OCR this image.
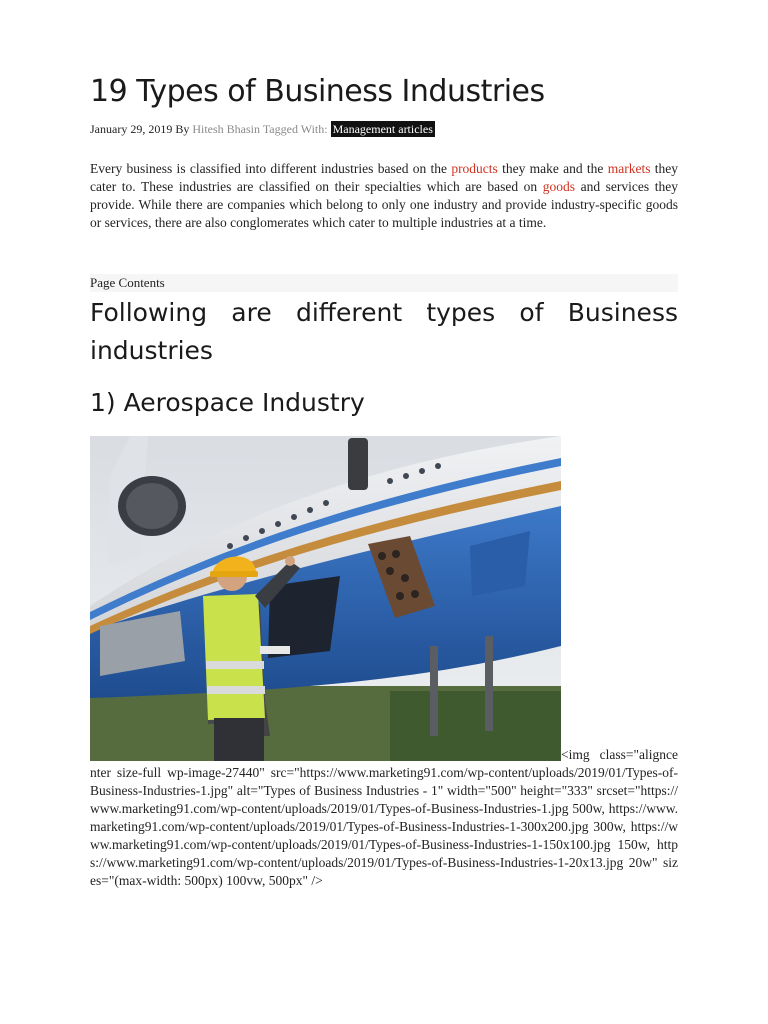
19 Types of Business Industries
January 29, 2019 By Hitesh Bhasin Tagged With: Management articles

Every business is classified into different industries based on the products they make and the markets they cater to. These industries are classified on their specialties which are based on goods and services they provide. While there are companies which belong to only one industry and provide industry-specific goods or services, there are also conglomerates which cater to multiple industries at a time.

Page Contents
Following are different types of Business industries
1) Aerospace Industry

<img class="aligncenter size-full wp-image-27440" src="https://www.marketing91.com/wp-content/uploads/2019/01/Types-of-Business-Industries-1.jpg" alt="Types of Business Industries - 1" width="500" height="333" srcset="https://www.marketing91.com/wp-content/uploads/2019/01/Types-of-Business-Industries-1.jpg 500w, https://www.marketing91.com/wp-content/uploads/2019/01/Types-of-Business-Industries-1-300x200.jpg 300w, https://www.marketing91.com/wp-content/uploads/2019/01/Types-of-Business-Industries-1-150x100.jpg 150w, https://www.marketing91.com/wp-content/uploads/2019/01/Types-of-Business-Industries-1-20x13.jpg 20w" sizes="(max-width: 500px) 100vw, 500px" />
